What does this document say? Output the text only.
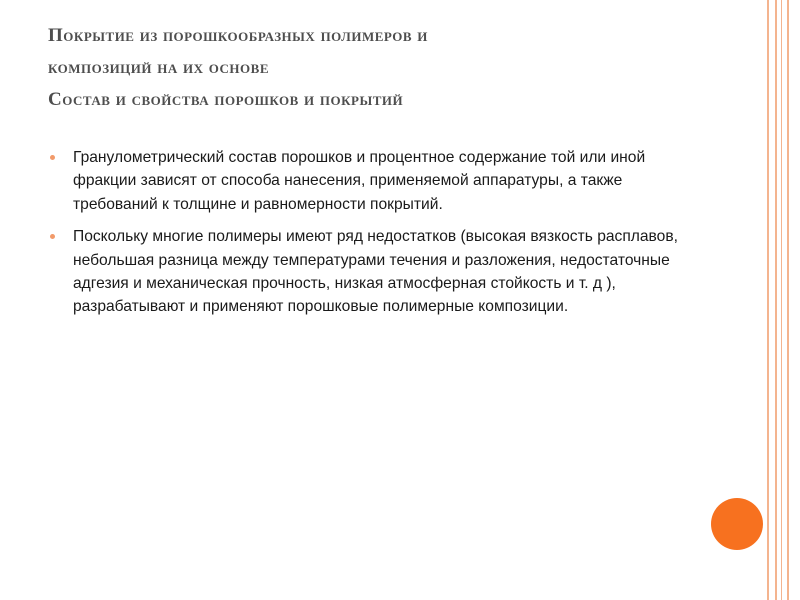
Покрытие из порошкообразных полимеров и
композиций на их основе
Состав и свойства порошков и покрытий
Гранулометрический состав порошков и процентное содержание той или иной фракции зависят от способа нанесения, применяемой аппаратуры, а также требований к толщине и равномерности покрытий.
Поскольку многие полимеры имеют ряд недостатков (высокая вязкость расплавов, небольшая разница между температурами течения и разложения, недостаточные адгезия и механическая прочность, низкая атмосферная стойкость и т. д ), разрабатывают и применяют порошковые полимерные композиции.
